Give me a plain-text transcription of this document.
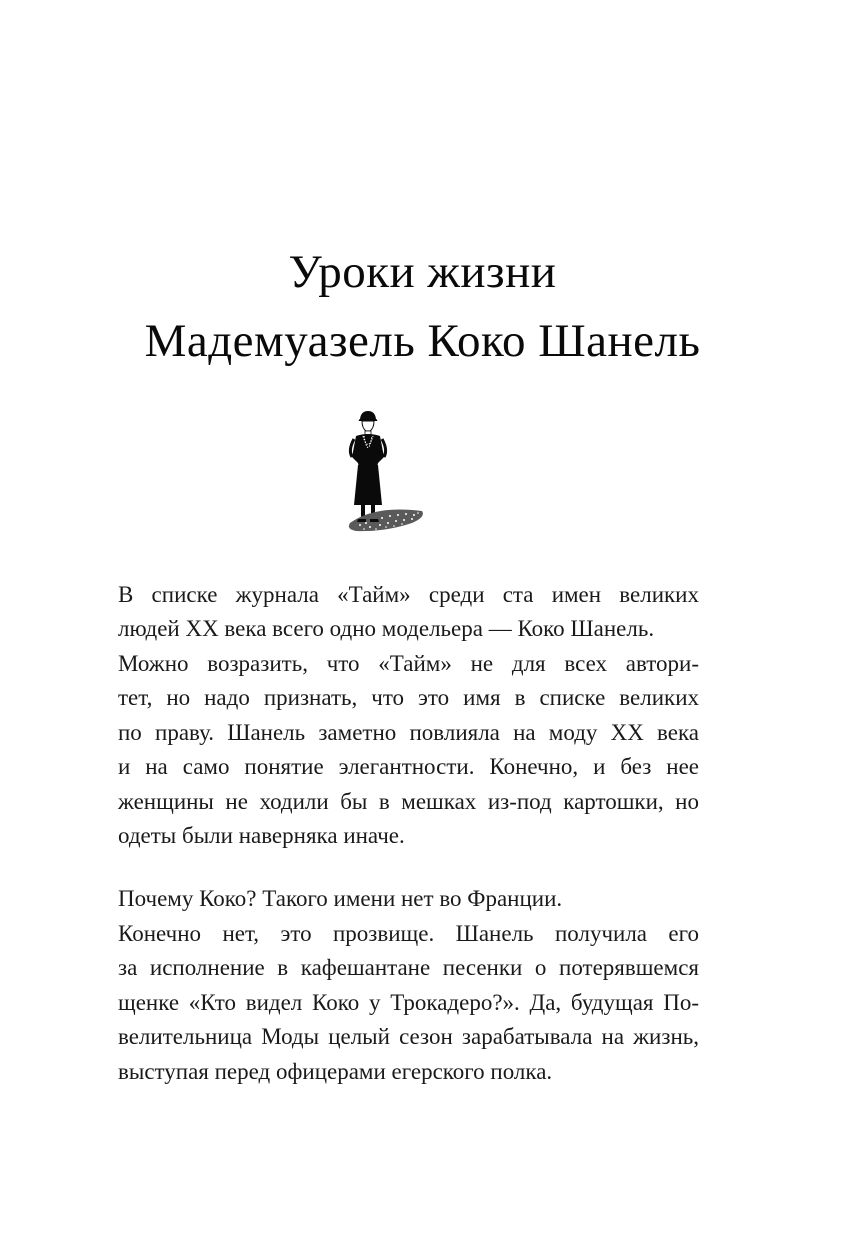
Уроки жизни
Мадемуазель Коко Шанель
В списке журнала «Тайм» среди ста имен великих
людей XX века всего одно модельера — Коко Шанель.
Можно возразить, что «Тайм» не для всех автори-
тет, но надо признать, что это имя в списке великих
по праву. Шанель заметно повлияла на моду XX века
и на само понятие элегантности. Конечно, и без нее
женщины не ходили бы в мешках из-под картошки, но
одеты были наверняка иначе.
Почему Коко? Такого имени нет во Франции.
Конечно нет, это прозвище. Шанель получила его
за исполнение в кафешантане песенки о потерявшемся
щенке «Кто видел Коко у Трокадеро?». Да, будущая По-
велительница Моды целый сезон зарабатывала на жизнь,
выступая перед офицерами егерского полка.
